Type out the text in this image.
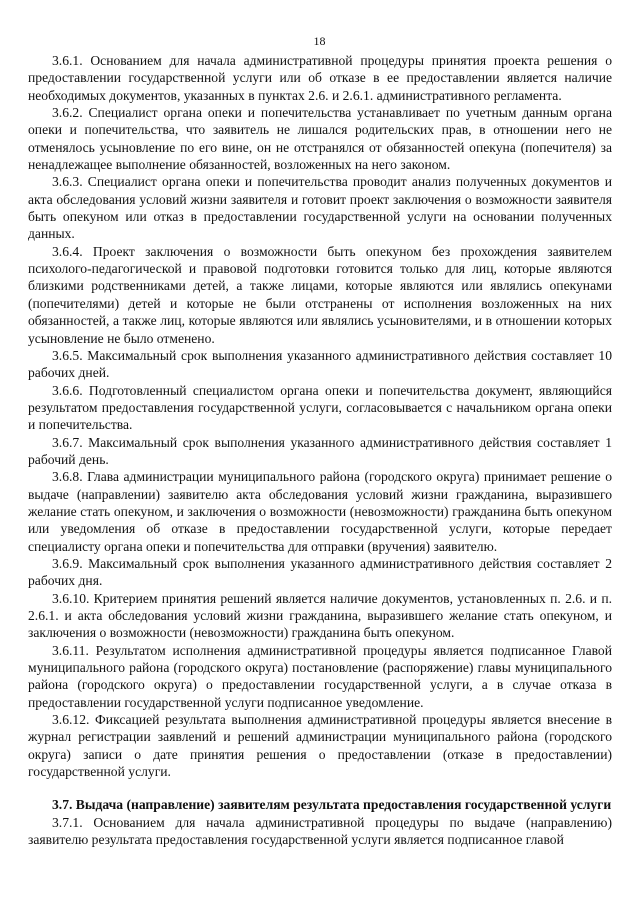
18

3.6.1. Основанием для начала административной процедуры принятия проекта решения о предоставлении государственной услуги или об отказе в ее предоставлении является наличие необходимых документов, указанных в пунктах 2.6. и 2.6.1. административного регламента.

3.6.2. Специалист органа опеки и попечительства устанавливает по учетным данным органа опеки и попечительства, что заявитель не лишался родительских прав, в отношении него не отменялось усыновление по его вине, он не отстранялся от обязанностей опекуна (попечителя) за ненадлежащее выполнение обязанностей, возложенных на него законом.

3.6.3. Специалист органа опеки и попечительства проводит анализ полученных документов и акта обследования условий жизни заявителя и готовит проект заключения о возможности заявителя быть опекуном или отказ в предоставлении государственной услуги на основании полученных данных.

3.6.4. Проект заключения о возможности быть опекуном без прохождения заявителем психолого-педагогической и правовой подготовки готовится только для лиц, которые являются близкими родственниками детей, а также лицами, которые являются или являлись опекунами (попечителями) детей и которые не были отстранены от исполнения возложенных на них обязанностей, а также лиц, которые являются или являлись усыновителями, и в отношении которых усыновление не было отменено.

3.6.5. Максимальный срок выполнения указанного административного действия составляет 10 рабочих дней.

3.6.6. Подготовленный специалистом органа опеки и попечительства документ, являющийся результатом предоставления государственной услуги, согласовывается с начальником органа опеки и попечительства.

3.6.7. Максимальный срок выполнения указанного административного действия составляет 1 рабочий день.

3.6.8. Глава администрации муниципального района (городского округа) принимает решение о выдаче (направлении) заявителю акта обследования условий жизни гражданина, выразившего желание стать опекуном, и заключения о возможности (невозможности) гражданина быть опекуном или уведомления об отказе в предоставлении государственной услуги, которые передает специалисту органа опеки и попечительства для отправки (вручения) заявителю.

3.6.9. Максимальный срок выполнения указанного административного действия составляет 2 рабочих дня.

3.6.10. Критерием принятия решений является наличие документов, установленных п. 2.6. и п. 2.6.1. и акта обследования условий жизни гражданина, выразившего желание стать опекуном, и заключения о возможности (невозможности) гражданина быть опекуном.

3.6.11. Результатом исполнения административной процедуры является подписанное Главой муниципального района (городского округа) постановление (распоряжение) главы муниципального района (городского округа) о предоставлении государственной услуги, а в случае отказа в предоставлении государственной услуги подписанное уведомление.

3.6.12. Фиксацией результата выполнения административной процедуры является внесение в журнал регистрации заявлений и решений администрации муниципального района (городского округа) записи о дате принятия решения о предоставлении (отказе в предоставлении) государственной услуги.

3.7. Выдача (направление) заявителям результата предоставления государственной услуги

3.7.1. Основанием для начала административной процедуры по выдаче (направлению) заявителю результата предоставления государственной услуги является подписанное главой
